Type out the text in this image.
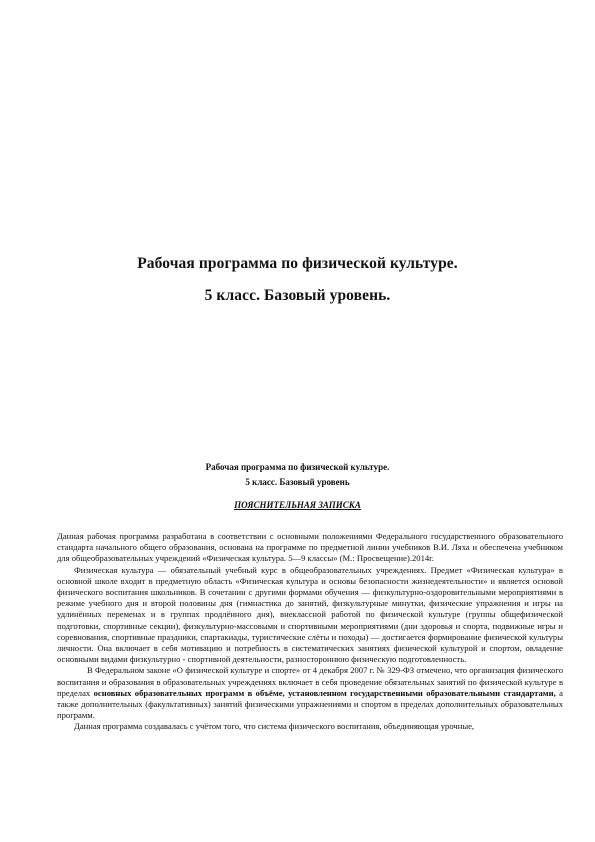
Рабочая программа по физической культуре.
5 класс. Базовый уровень.
Рабочая программа по физической культуре.
5 класс. Базовый уровень
ПОЯСНИТЕЛЬНАЯ ЗАПИСКА

Данная рабочая программа разработана в соответствии с основными положениями Федерального государственного образовательного стандарта начального общего образования, основана на программе по предметной линии учебников В.И. Ляха и обеспечена учебником для общеобразовательных учреждений «Физическая культура. 5—9 классы» (М.: Просвещение).2014г.

Физическая культура — обязательный учебный курс в общеобразовательных учреждениях. Предмет «Физическая культура» в основной школе входит в предметную область «Физическая культура и основы безопасности жизнедеятельности» и является основой физического воспитания школьников. В сочетании с другими формами обучения — физкультурно-оздоровительными мероприятиями в режиме учебного дня и второй половины дня (гимнастика до занятий, физкультурные минутки, физические упражнения и игры на удлинённых переменах и в группах продлённого дня), внеклассной работой по физической культуре (группы общефизической подготовки, спортивные секции), физкультурно-массовыми и спортивными мероприятиями (дни здоровья и спорта, подвижные игры и соревнования, спортивные праздники, спартакиады, туристические слёты и походы) — достигается формирование физической культуры личности. Она включает в себя мотивацию и потребность в систематических занятиях физической культурой и спортом, овладение основными видами физкультурно - спортивной деятельности, разностороннюю физическую подготовленность.

В Федеральном законе «О физической культуре и спорте» от 4 декабря 2007 г. № 329-ФЗ отмечено, что организация физического воспитания и образования в образовательных учреждениях включает в себя проведение обязательных занятий по физической культуре в пределах основных образовательных программ в объёме, установленном государственными образовательными стандартами, а также дополнительных (факультативных) занятий физическими упражнениями и спортом в пределах дополнительных образовательных программ.

Данная программа создавалась с учётом того, что система физического воспитания, объединяющая урочные,
